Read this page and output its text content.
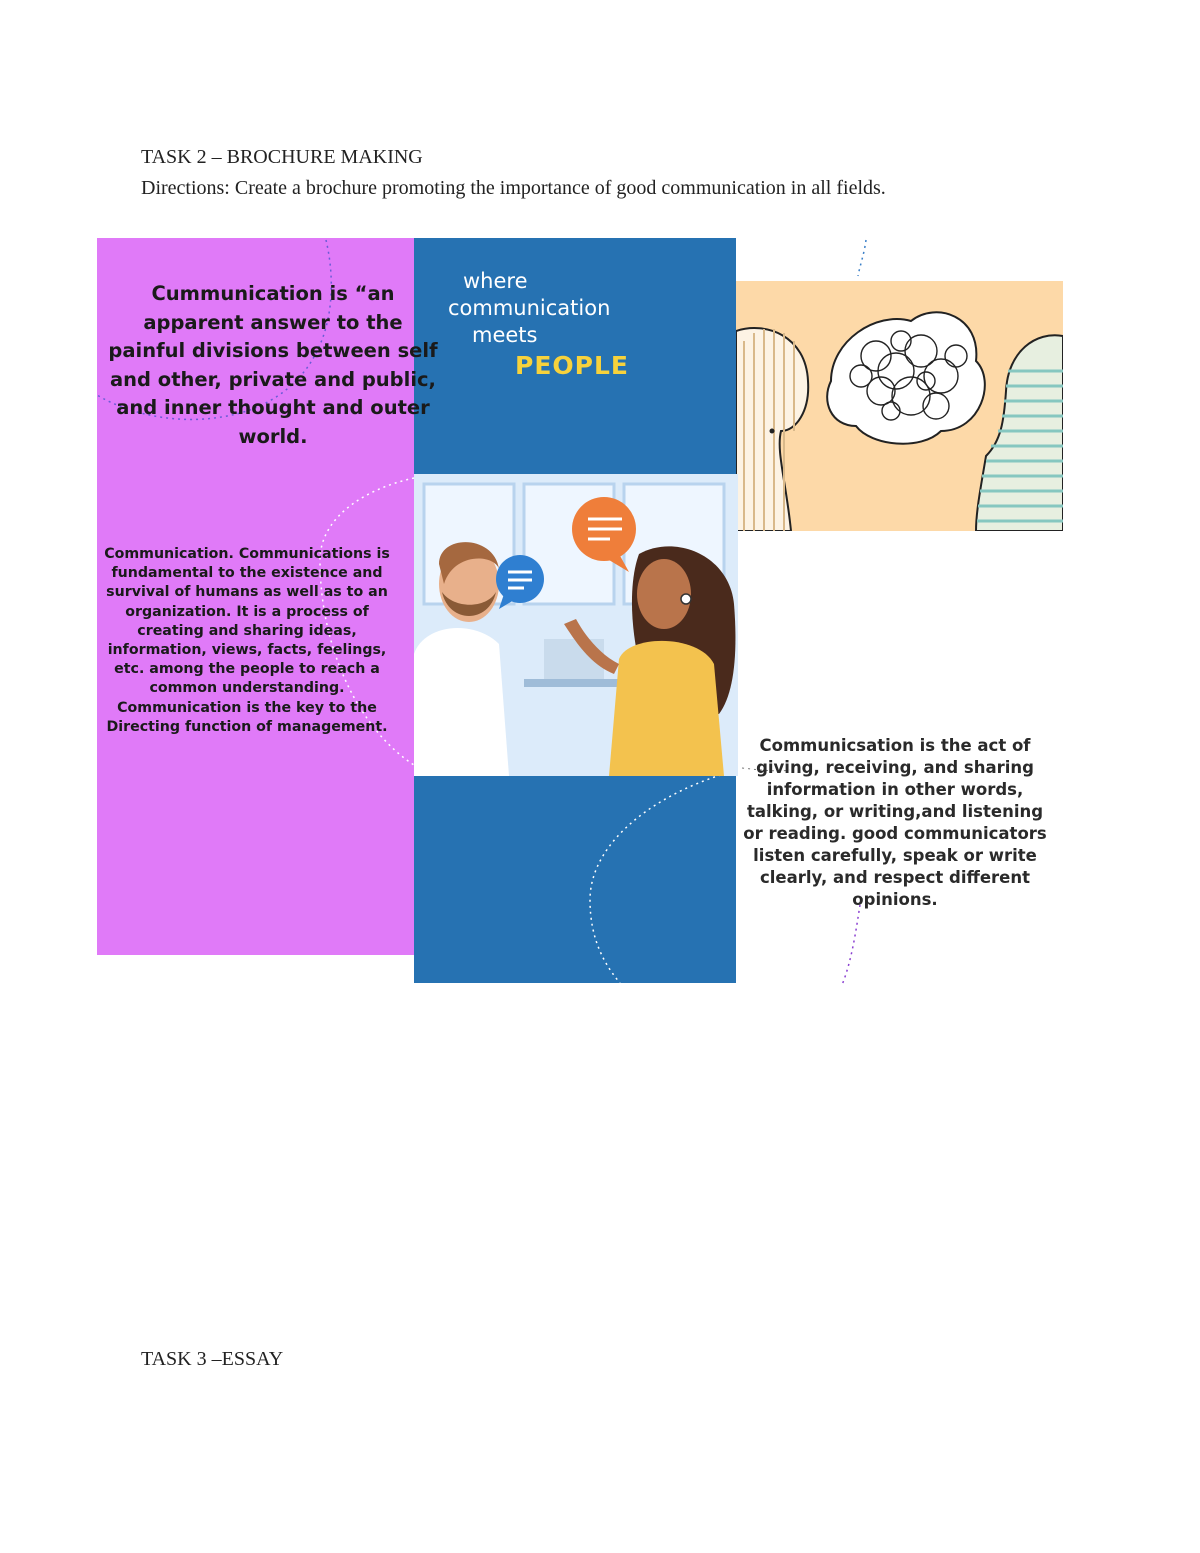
TASK 2 – BROCHURE MAKING
Directions: Create a brochure promoting the importance of good communication in all fields.
Cummunication is “an apparent answer to the painful divisions between self and other, private and public, and inner thought and outer world.
where
communication
meets
PEOPLE
Communication. Communications is fundamental to the existence and survival of humans as well as to an organization. It is a process of creating and sharing ideas, information, views, facts, feelings, etc. among the people to reach a common understanding. Communication is the key to the Directing function of management.
Communicsation is the act of giving, receiving, and sharing information in other words, talking, or writing,and listening or reading. good communicators listen carefully, speak or write clearly, and respect different opinions.
TASK 3 –ESSAY
